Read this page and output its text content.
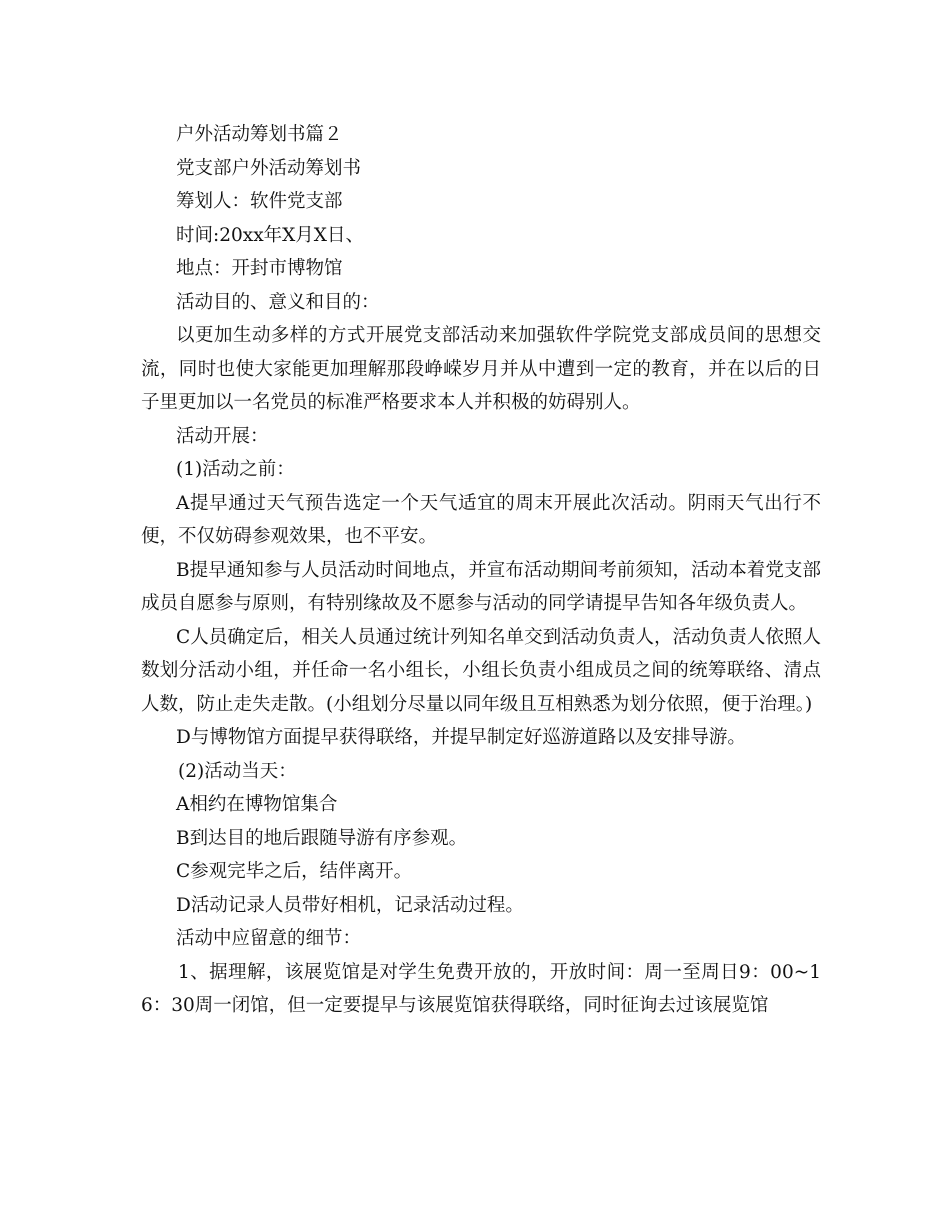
户外活动筹划书篇２
党支部户外活动筹划书
筹划人：软件党支部
时间:20xx年X月X日、
地点：开封市博物馆
活动目的、意义和目的：

以更加生动多样的方式开展党支部活动来加强软件学院党支部成员间的思想交流，同时也使大家能更加理解那段峥嵘岁月并从中遭到一定的教育，并在以后的日子里更加以一名党员的标准严格要求本人并积极的妨碍别人。

活动开展：
(1)活动之前：

A提早通过天气预告选定一个天气适宜的周末开展此次活动。阴雨天气出行不便，不仅妨碍参观效果，也不平安。

B提早通知参与人员活动时间地点，并宣布活动期间考前须知，活动本着党支部成员自愿参与原则，有特别缘故及不愿参与活动的同学请提早告知各年级负责人。

C人员确定后，相关人员通过统计列知名单交到活动负责人，活动负责人依照人数划分活动小组，并任命一名小组长，小组长负责小组成员之间的统筹联络、清点人数，防止走失走散。(小组划分尽量以同年级且互相熟悉为划分依照，便于治理。)

D与博物馆方面提早获得联络，并提早制定好巡游道路以及安排导游。
(2)活动当天：
A相约在博物馆集合
B到达目的地后跟随导游有序参观。
C参观完毕之后，结伴离开。
D活动记录人员带好相机，记录活动过程。
活动中应留意的细节：

1、据理解，该展览馆是对学生免费开放的，开放时间：周一至周日9：00~16：30周一闭馆，但一定要提早与该展览馆获得联络，同时征询去过该展览馆
